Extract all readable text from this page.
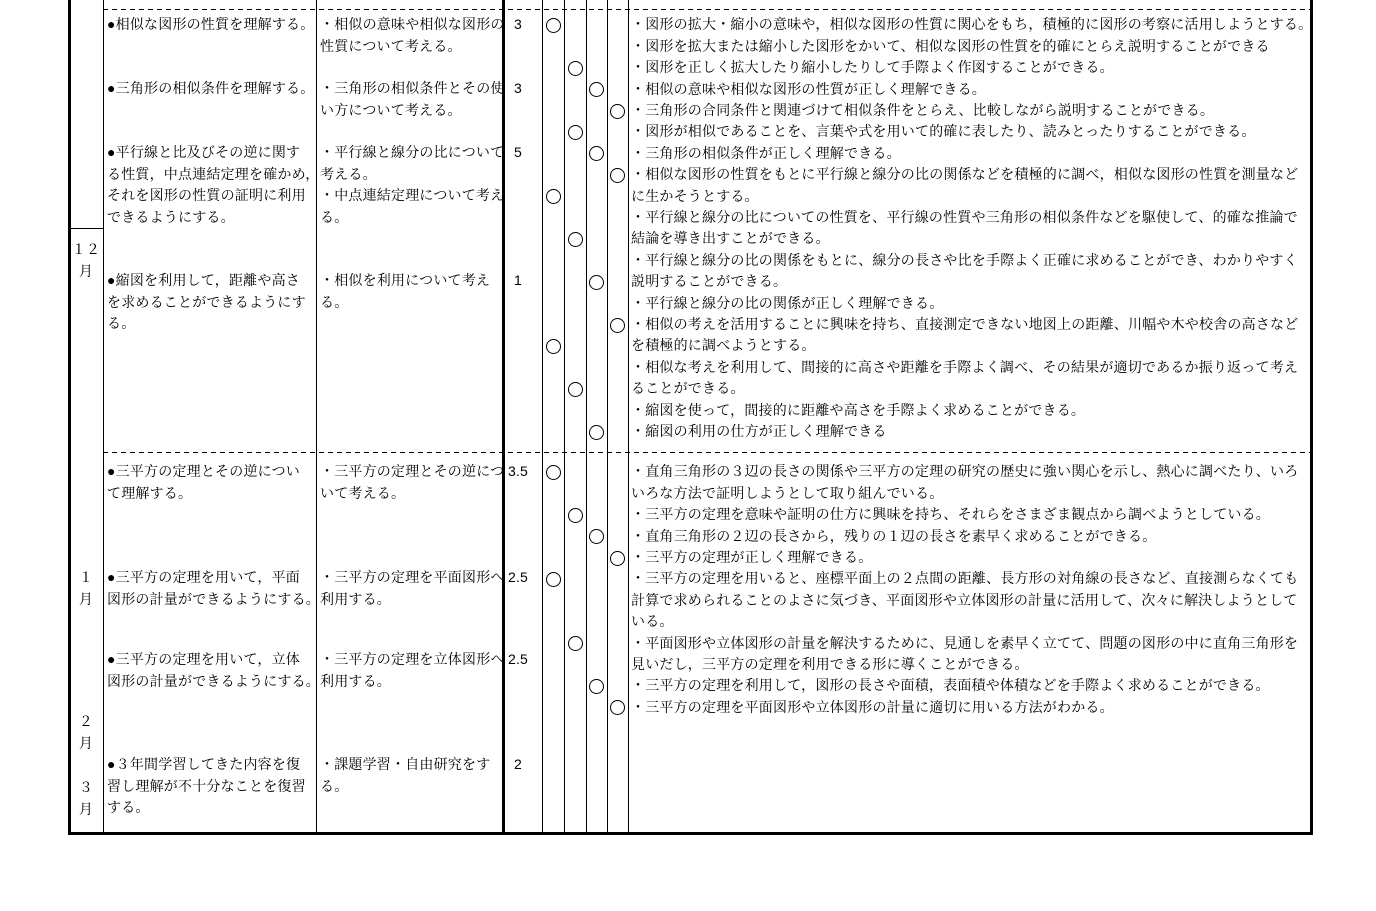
１２
月
１
月
２
月
３
月
●相似な図形の性質を理解する。 ・相似の意味や相似な図形の
性質について考える。
3
●三角形の相似条件を理解する。 ・三角形の相似条件とその使
い方について考える。
3
●平行線と比及びその逆に関す
る性質，中点連結定理を確かめ，
それを図形の性質の証明に利用
できるようにする。
・平行線と線分の比について
考える。
・中点連結定理について考え
る。
5
●縮図を利用して，距離や高さ
を求めることができるようにす
る。
・相似を利用について考え
る。
1
・図形の拡大・縮小の意味や，相似な図形の性質に関心をもち，積極的に図形の考察に活用しようとする。
・図形を拡大または縮小した図形をかいて、相似な図形の性質を的確にとらえ説明することができる
・図形を正しく拡大したり縮小したりして手際よく作図することができる。
・相似の意味や相似な図形の性質が正しく理解できる。
・三角形の合同条件と関連づけて相似条件をとらえ、比較しながら説明することができる。
・図形が相似であることを、言葉や式を用いて的確に表したり、読みとったりすることができる。
・三角形の相似条件が正しく理解できる。
・相似な図形の性質をもとに平行線と線分の比の関係などを積極的に調べ，相似な図形の性質を測量など
に生かそうとする。
・平行線と線分の比についての性質を、平行線の性質や三角形の相似条件などを駆使して、的確な推論で
結論を導き出すことができる。
・平行線と線分の比の関係をもとに、線分の長さや比を手際よく正確に求めることができ、わかりやすく
説明することができる。
・平行線と線分の比の関係が正しく理解できる。
・相似の考えを活用することに興味を持ち、直接測定できない地図上の距離、川幅や木や校舎の高さなど
を積極的に調べようとする。
・相似な考えを利用して、間接的に高さや距離を手際よく調べ、その結果が適切であるか振り返って考え
ることができる。
・縮図を使って，間接的に距離や高さを手際よく求めることができる。
・縮図の利用の仕方が正しく理解できる
●三平方の定理とその逆につい
て理解する。
・三平方の定理とその逆につ
いて考える。
3.5
●三平方の定理を用いて，平面
図形の計量ができるようにする。
・三平方の定理を平面図形へ
利用する。
2.5
●三平方の定理を用いて，立体
図形の計量ができるようにする。
・三平方の定理を立体図形へ
利用する。
2.5
●３年間学習してきた内容を復
習し理解が不十分なことを復習
する。
・課題学習・自由研究をす
る。
2
・直角三角形の３辺の長さの関係や三平方の定理の研究の歴史に強い関心を示し、熱心に調べたり、いろ
いろな方法で証明しようとして取り組んでいる。
・三平方の定理を意味や証明の仕方に興味を持ち、それらをさまざま観点から調べようとしている。
・直角三角形の２辺の長さから，残りの１辺の長さを素早く求めることができる。
・三平方の定理が正しく理解できる。
・三平方の定理を用いると、座標平面上の２点間の距離、長方形の対角線の長さなど、直接測らなくても
計算で求められることのよさに気づき、平面図形や立体図形の計量に活用して、次々に解決しようとして
いる。
・平面図形や立体図形の計量を解決するために、見通しを素早く立てて、問題の図形の中に直角三角形を
見いだし，三平方の定理を利用できる形に導くことができる。
・三平方の定理を利用して，図形の長さや面積，表面積や体積などを手際よく求めることができる。
・三平方の定理を平面図形や立体図形の計量に適切に用いる方法がわかる。
